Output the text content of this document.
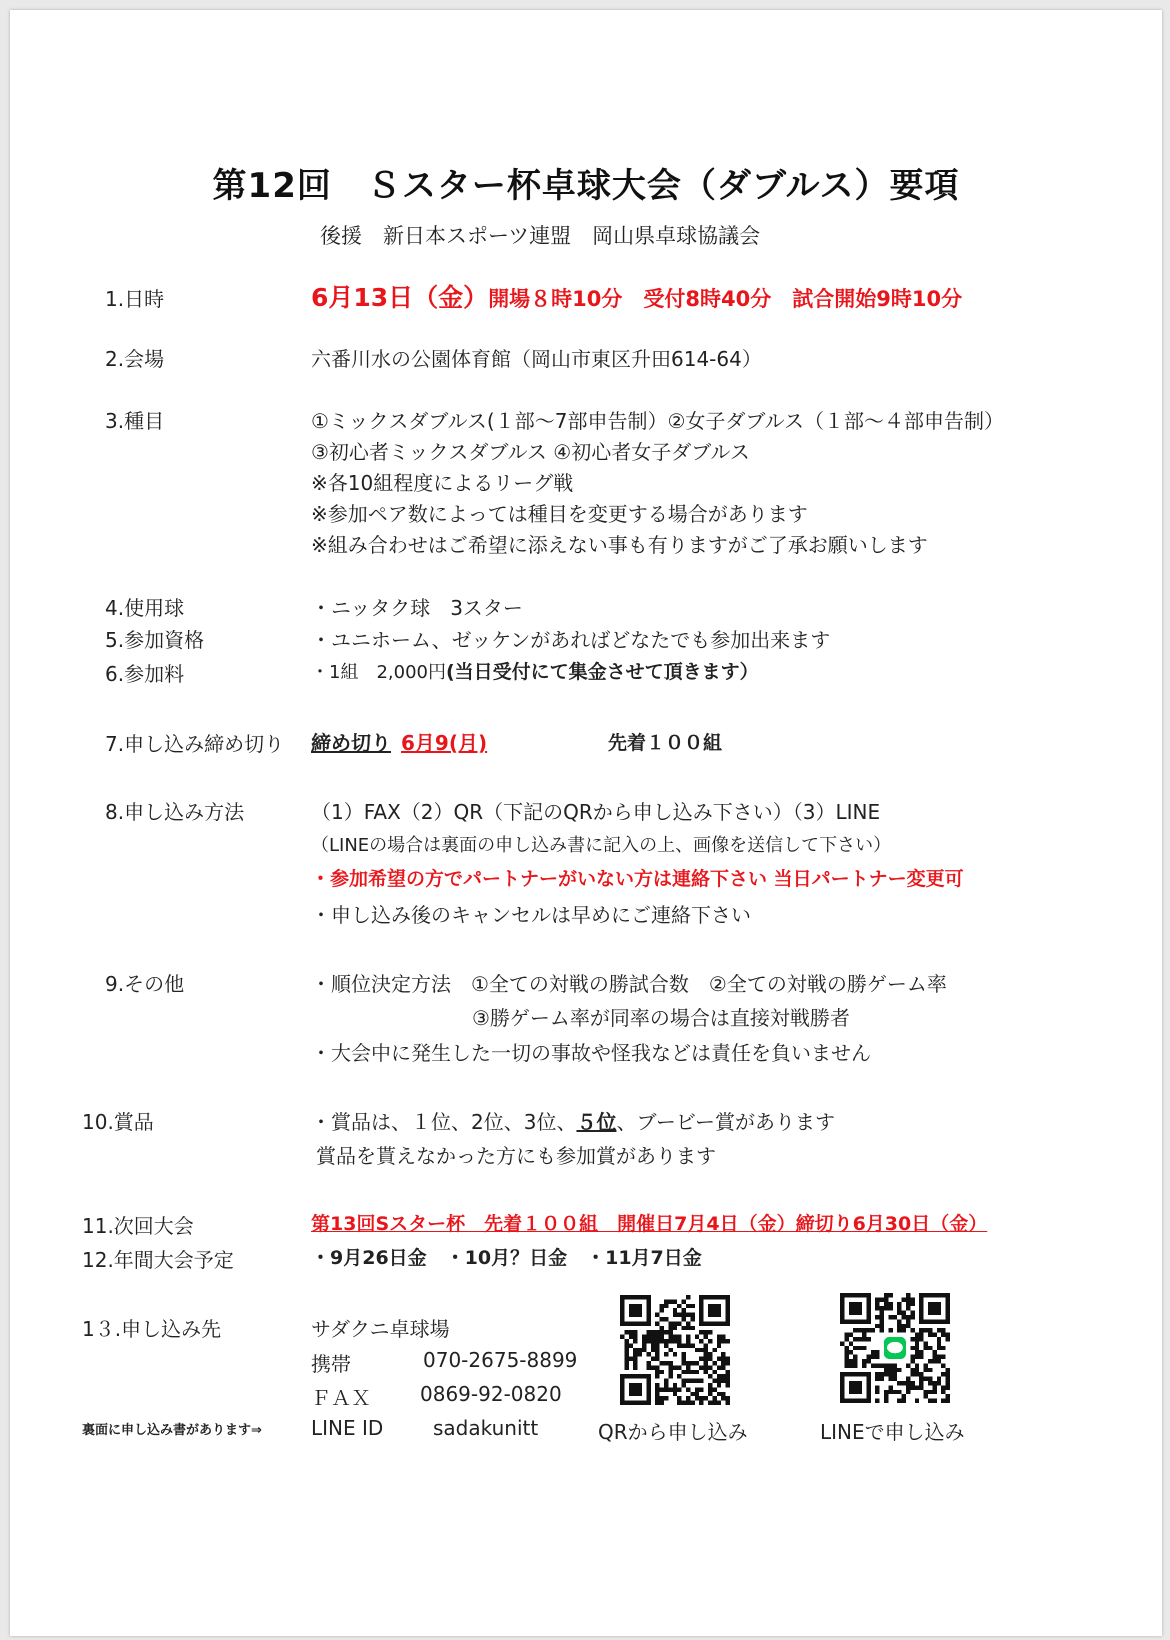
第12回　Ｓスター杯卓球大会（ダブルス）要項
後援　新日本スポーツ連盟　岡山県卓球協議会
1.日時	6月13日（金）開場８時10分　受付8時40分　試合開始9時10分
2.会場	六番川水の公園体育館（岡山市東区升田614-64）
3.種目	①ミックスダブルス(１部〜7部申告制）②女子ダブルス（１部〜４部申告制）
③初心者ミックスダブルス ④初心者女子ダブルス
※各10組程度によるリーグ戦
※参加ペア数によっては種目を変更する場合があります
※組み合わせはご希望に添えない事も有りますがご了承お願いします
4.使用球	・ニッタク球　3スター
5.参加資格	・ユニホーム、ゼッケンがあればどなたでも参加出来ます
6.参加料	・1組　2,000円(当日受付にて集金させて頂きます）
7.申し込み締め切り 締め切り 6月9(月)	先着１００組
8.申し込み方法	（1）FAX（2）QR（下記のQRから申し込み下さい）（3）LINE
（LINEの場合は裏面の申し込み書に記入の上、画像を送信して下さい）
・参加希望の方でパートナーがいない方は連絡下さい 当日パートナー変更可
・申し込み後のキャンセルは早めにご連絡下さい
9.その他	・順位決定方法　①全ての対戦の勝試合数　②全ての対戦の勝ゲーム率
③勝ゲーム率が同率の場合は直接対戦勝者
・大会中に発生した一切の事故や怪我などは責任を負いません
10.賞品	・賞品は、１位、2位、3位、５位、ブービー賞があります
賞品を貰えなかった方にも参加賞があります
11.次回大会	第13回Sスター杯　先着１００組　開催日7月4日（金）締切り6月30日（金）
12.年間大会予定	・9月26日金　・10月？日金　・11月7日金
1３.申し込み先	サダクニ卓球場
携帯	070-2675-8899
ＦＡＸ 0869-92-0820
裏面に申し込み書があります⇒ LINE ID sadakunitt	QRから申し込み	LINEで申し込み
